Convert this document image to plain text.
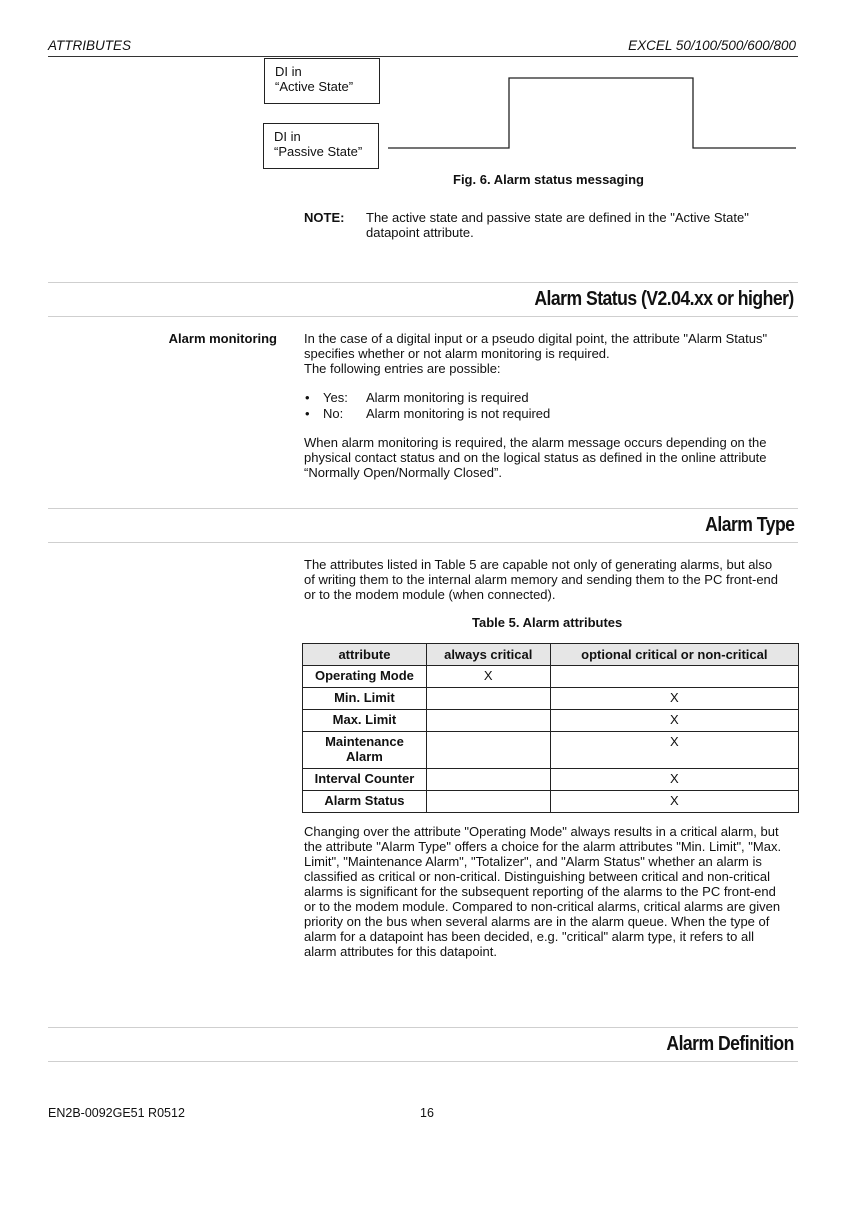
ATTRIBUTES	EXCEL 50/100/500/600/800
DI in
“Active State”
DI in
“Passive State”
Fig. 6. Alarm status messaging
NOTE: The active state and passive state are defined in the "Active State"
datapoint attribute.
Alarm Status (V2.04.xx or higher)
Alarm monitoring In the case of a digital input or a pseudo digital point, the attribute "Alarm Status"
specifies whether or not alarm monitoring is required.
The following entries are possible:
• Yes: Alarm monitoring is required
• No: Alarm monitoring is not required
When alarm monitoring is required, the alarm message occurs depending on the
physical contact status and on the logical status as defined in the online attribute
“Normally Open/Normally Closed”.
Alarm Type
The attributes listed in Table 5 are capable not only of generating alarms, but also
of writing them to the internal alarm memory and sending them to the PC front-end
or to the modem module (when connected).
Table 5. Alarm attributes
attribute	always critical	optional critical or non-critical
Operating Mode	X	
Min. Limit		X
Max. Limit		X

Maintenance
Alarm		X
Interval Counter		X
Alarm Status		X
Changing over the attribute "Operating Mode" always results in a critical alarm, but
the attribute "Alarm Type" offers a choice for the alarm attributes "Min. Limit", "Max.
Limit", "Maintenance Alarm", "Totalizer", and "Alarm Status" whether an alarm is
classified as critical or non-critical. Distinguishing between critical and non-critical
alarms is significant for the subsequent reporting of the alarms to the PC front-end
or to the modem module. Compared to non-critical alarms, critical alarms are given
priority on the bus when several alarms are in the alarm queue. When the type of
alarm for a datapoint has been decided, e.g. "critical" alarm type, it refers to all
alarm attributes for this datapoint.
Alarm Definition
EN2B-0092GE51 R0512	16
